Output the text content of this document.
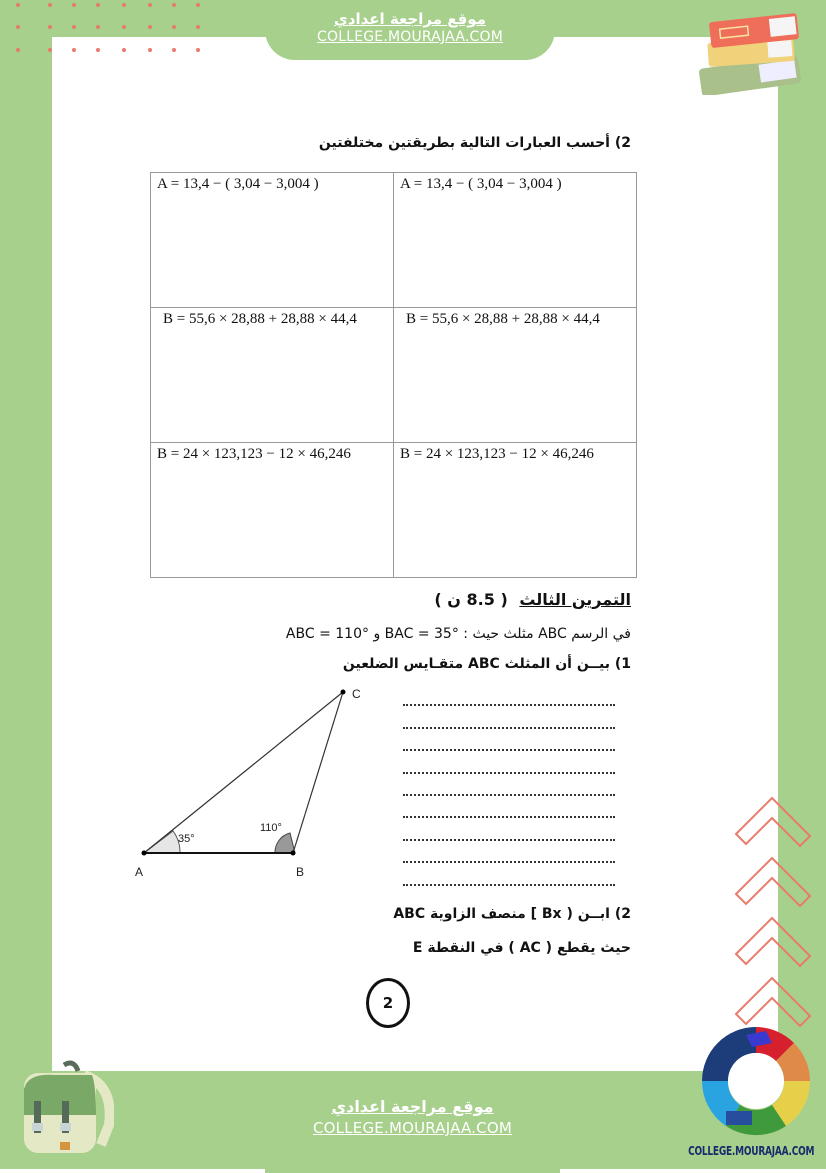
موقع مراجعة اعدادي
COLLEGE.MOURAJAA.COM
2) أحسب العبارات التالية بطريقتين مختلفتين
A = 13,4 − ( 3,04 − 3,004 )	A = 13,4 − ( 3,04 − 3,004 )
B = 55,6 × 28,88 + 28,88 × 44,4	B = 55,6 × 28,88 + 28,88 × 44,4
B = 24 × 123,123 − 12 × 46,246	B = 24 × 123,123 − 12 × 46,246
التمرين الثالث ( 8.5 ن )
في الرسم ABC مثلث حيث : BAC = 35° و ABC = 110°
1) بيــن أن المثلث ABC متقـايس الضلعين
A	B
C
35°
110°
2) ابــن ( Bx ] منصف الزاوية ABC
حيث يقطع ( AC ) في النقطة E
2
موقع مراجعة اعدادي
COLLEGE.MOURAJAA.COM
COLLEGE.MOURAJAA.COM
